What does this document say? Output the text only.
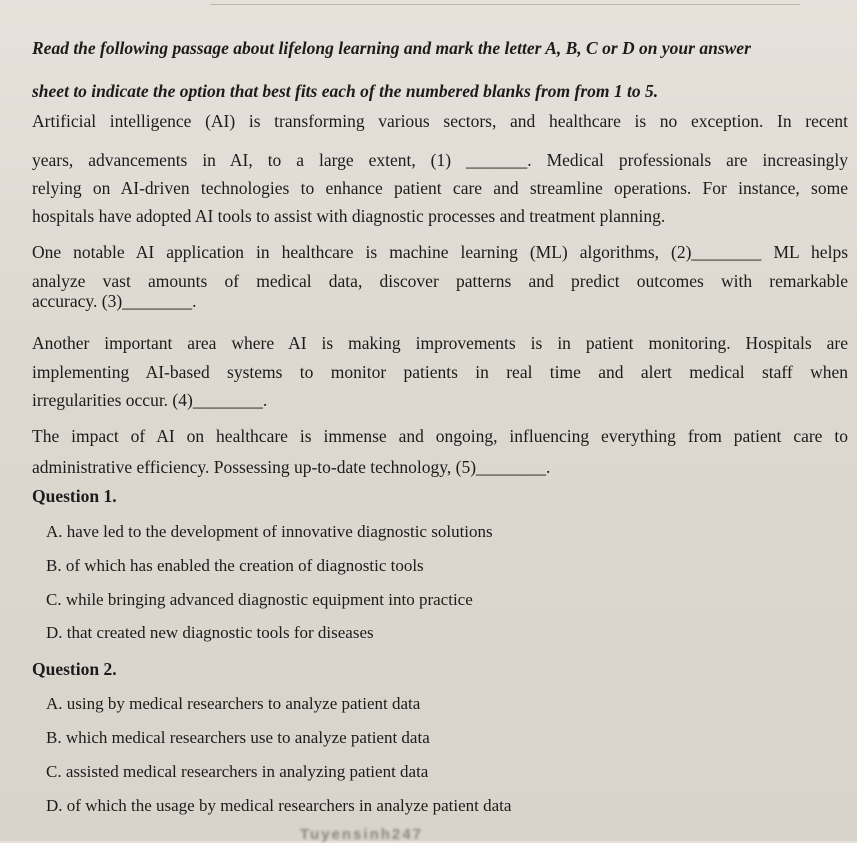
Read the following passage about lifelong learning and mark the letter A, B, C or D on your answer
sheet to indicate the option that best fits each of the numbered blanks from from 1 to 5.
Artificial intelligence (AI) is transforming various sectors, and healthcare is no exception. In recent
years, advancements in AI, to a large extent, (1) _______. Medical professionals are increasingly
relying on AI-driven technologies to enhance patient care and streamline operations. For instance, some
hospitals have adopted AI tools to assist with diagnostic processes and treatment planning.
One notable AI application in healthcare is machine learning (ML) algorithms, (2)________ ML helps
analyze vast amounts of medical data, discover patterns and predict outcomes with remarkable
accuracy. (3)________.
Another important area where AI is making improvements is in patient monitoring. Hospitals are
implementing AI-based systems to monitor patients in real time and alert medical staff when
irregularities occur. (4)________.
The impact of AI on healthcare is immense and ongoing, influencing everything from patient care to
administrative efficiency. Possessing up-to-date technology, (5)________.
Question 1.
A. have led to the development of innovative diagnostic solutions
B. of which has enabled the creation of diagnostic tools
C. while bringing advanced diagnostic equipment into practice
D. that created new diagnostic tools for diseases
Question 2.
A. using by medical researchers to analyze patient data
B. which medical researchers use to analyze patient data
C. assisted medical researchers in analyzing patient data
D. of which the usage by medical researchers in analyze patient data
Tuyensinh247
